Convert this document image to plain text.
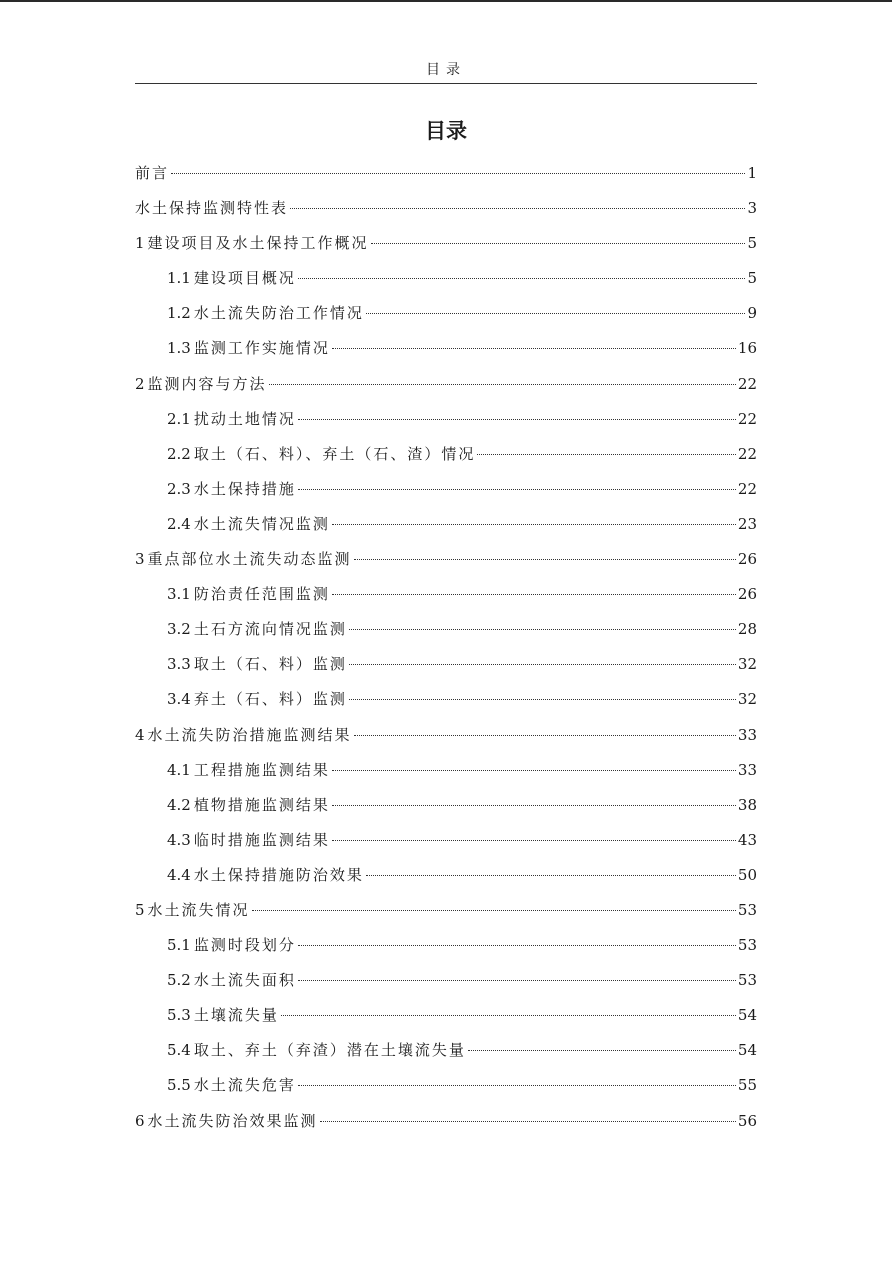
目录
目录
前言	1
水土保持监测特性表	3
1 建设项目及水土保持工作概况	5
1.1 建设项目概况	5
1.2 水土流失防治工作情况	9
1.3 监测工作实施情况	16
2 监测内容与方法	22
2.1 扰动土地情况	22
2.2 取土（石、料）、弃土（石、渣）情况	22
2.3 水土保持措施	22
2.4 水土流失情况监测	23
3 重点部位水土流失动态监测	26
3.1 防治责任范围监测	26
3.2 土石方流向情况监测	28
3.3 取土（石、料）监测	32
3.4 弃土（石、料）监测	32
4 水土流失防治措施监测结果	33
4.1 工程措施监测结果	33
4.2 植物措施监测结果	38
4.3 临时措施监测结果	43
4.4 水土保持措施防治效果	50
5 水土流失情况	53
5.1 监测时段划分	53
5.2 水土流失面积	53
5.3 土壤流失量	54
5.4 取土、弃土（弃渣）潜在土壤流失量	54
5.5 水土流失危害	55
6 水土流失防治效果监测	56
